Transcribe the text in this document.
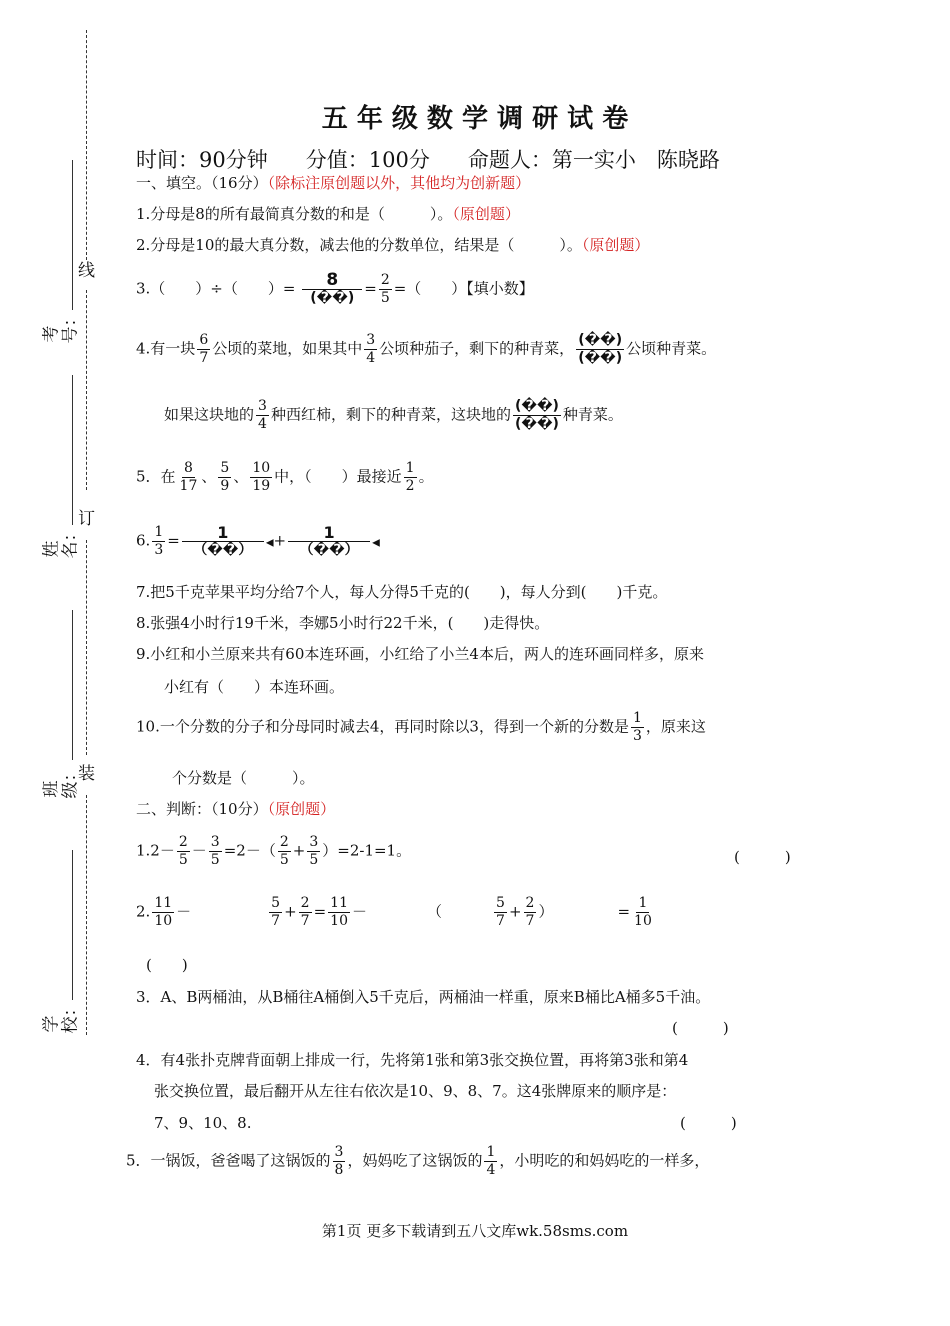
线
订
装
考号：
姓名：
班级：
学校：
五 年 级 数 学 调 研 试 卷
时间：90分钟 分值：100分 命题人：第一实小　陈晓路
一、填空。（16分）（除标注原创题以外，其他均为创新题）
1.分母是8的所有最简真分数的和是（　　　）。（原创题）
2.分母是10的最大真分数，减去他的分数单位，结果是（　　　）。（原创题）
3.（　　）÷（　　）= $\frac{8}{(��)} = \frac{2}{5}$ =（　　）【填小数】
4.有一块 $\frac{6}{7}$ 公顷的菜地，如果其中 $\frac{3}{4}$ 公顷种茄子，剩下的种青菜， $\frac{(��)}{(��)}$ 公顷种青菜。
如果这块地的 $\frac{3}{4}$ 种西红柿，剩下的种青菜，这块地的 $\frac{(��)}{(��)}$ 种青菜。
5．在 $\frac{8}{17}$ 、 $\frac{5}{9}$ 、 $\frac{10}{19}$ 中，（　　）最接近 $\frac{1}{2}$ 。
6. $\frac{1}{3} = \frac{1}{(��)}$ ◀+ $\frac{1}{(��)}$ ◀
7.把5千克苹果平均分给7个人，每人分得5千克的(　　)，每人分到(　　)千克。
8.张强4小时行19千米，李娜5小时行22千米，(　　)走得快。
9.小红和小兰原来共有60本连环画，小红给了小兰4本后，两人的连环画同样多，原来
小红有（　　）本连环画。
10.一个分数的分子和分母同时减去4，再同时除以3，得到一个新的分数是 $\frac{1}{3}$ ，原来这
个分数是（　　　）。
二、判断：（10分）（原创题）
$1.2- \frac{2}{5} - \frac{3}{5} =2-( \frac{2}{5} + \frac{3}{5} )=2-1=1$。	(　　　)
2. $\frac{11}{10}$ －	$\frac{5}{7} + \frac{2}{7} = \frac{11}{10}$ －	（	$\frac{5}{7} + \frac{2}{7}$ ）	= $\frac{1}{10}$
(　　)
3．A、B两桶油，从B桶往A桶倒入5千克后，两桶油一样重，原来B桶比A桶多5千油。
(　　　)
4．有4张扑克牌背面朝上排成一行，先将第1张和第3张交换位置，再将第3张和第4
张交换位置，最后翻开从左往右依次是10、9、8、7。这4张牌原来的顺序是：
7、9、10、8.	(　　　)
5．一锅饭，爸爸喝了这锅饭的 $\frac{3}{8}$ ，妈妈吃了这锅饭的 $\frac{1}{4}$ ，小明吃的和妈妈吃的一样多，
第1页 更多下载请到五八文库wk.58sms.com
